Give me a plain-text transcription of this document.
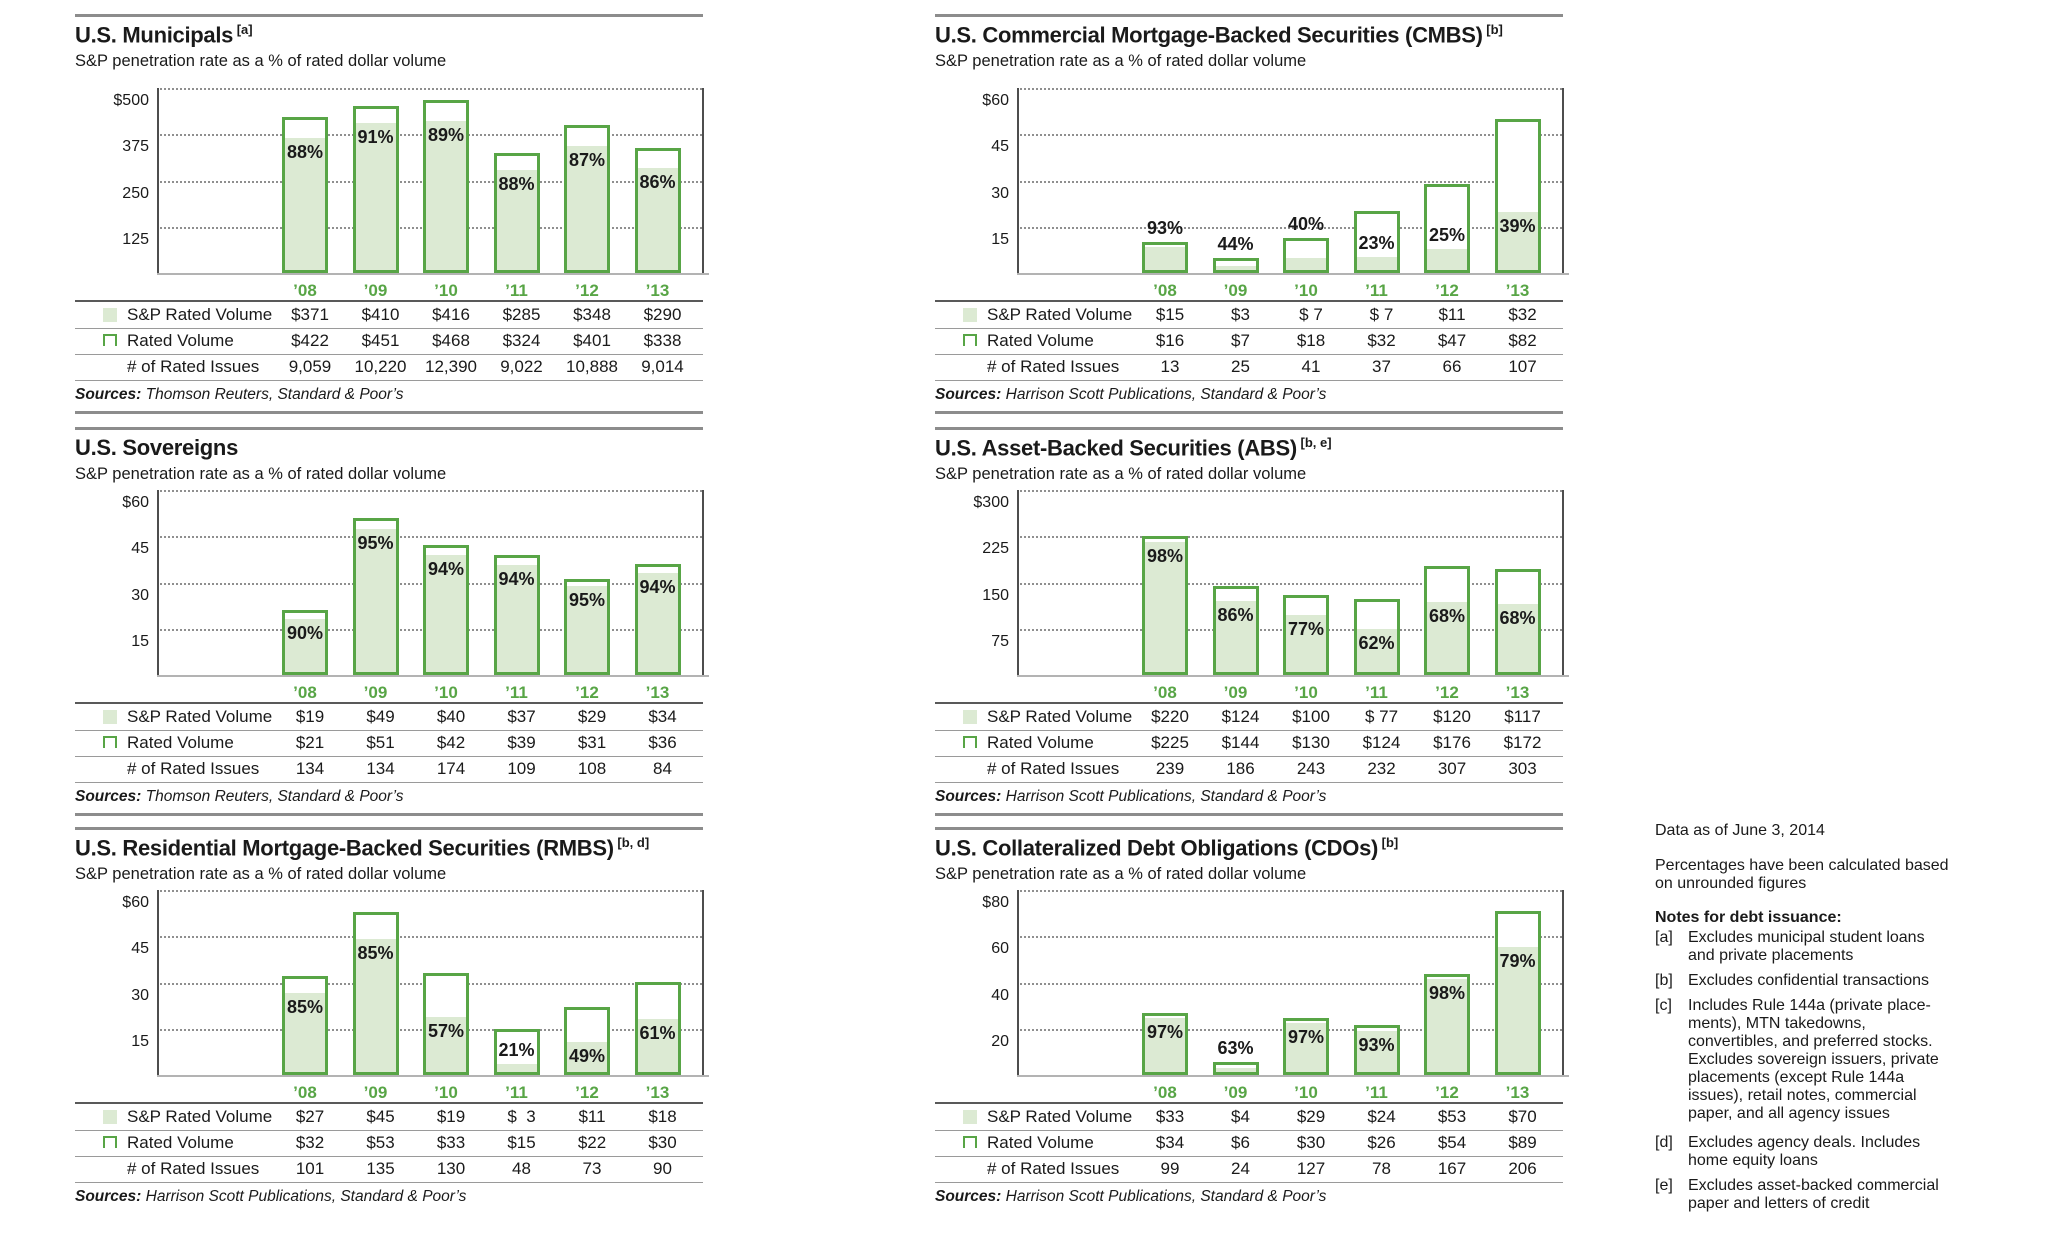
U.S. Municipals [a]
S&P penetration rate as a % of rated dollar volume
$500
375
250
125
88%
’08
91%
’09
89%
’10
88%
’11
87%
’12
86%
’13
S&P Rated Volume	$371	$410	$416	$285	$348	$290
Rated Volume	$422	$451	$468	$324	$401	$338
# of Rated Issues	9,059	10,220	12,390	9,022	10,888	9,014
Sources: Thomson Reuters, Standard & Poor’s
U.S. Commercial Mortgage-Backed Securities (CMBS) [b]
S&P penetration rate as a % of rated dollar volume
$60
45
30
15
93%
’08
44%
’09
40%
’10
23%
’11
25%
’12
39%
’13
S&P Rated Volume	$15	$3	$ 7	$ 7	$11	$32
Rated Volume	$16	$7	$18	$32	$47	$82
# of Rated Issues	13	25	41	37	66	107
Sources: Harrison Scott Publications, Standard & Poor’s
U.S. Sovereigns
S&P penetration rate as a % of rated dollar volume
$60
45
30
15	90%
’08
95%
’09
94%
’10
94%
’11
95%
’12
94%
’13
S&P Rated Volume	$19	$49	$40	$37	$29	$34
Rated Volume	$21	$51	$42	$39	$31	$36
# of Rated Issues	134	134	174	109	108	84
Sources: Thomson Reuters, Standard & Poor’s
U.S. Asset-Backed Securities (ABS) [b, e]
S&P penetration rate as a % of rated dollar volume
$300
225
150
75
98%
’08
86%
’09
77%
’10
62%
’11
68%
’12
68%
’13
S&P Rated Volume	$220	$124	$100	$ 77	$120	$117
Rated Volume	$225	$144	$130	$124	$176	$172
# of Rated Issues	239	186	243	232	307	303
Sources: Harrison Scott Publications, Standard & Poor’s
U.S. Residential Mortgage-Backed Securities (RMBS) [b, d]
S&P penetration rate as a % of rated dollar volume
$60
45
30
15
85%
’08
85%
’09
57%
’10
21%
’11
49%
’12
61%
’13
S&P Rated Volume	$27	$45	$19	$  3	$11	$18
Rated Volume	$32	$53	$33	$15	$22	$30
# of Rated Issues	101	135	130	48	73	90
Sources: Harrison Scott Publications, Standard & Poor’s
U.S. Collateralized Debt Obligations (CDOs) [b]
S&P penetration rate as a % of rated dollar volume
$80
60
40
20	97%
’08
63%
’09
97%
’10
93%
’11
98%
’12
79%
’13
S&P Rated Volume	$33	$4	$29	$24	$53	$70
Rated Volume	$34	$6	$30	$26	$54	$89
# of Rated Issues	99	24	127	78	167	206
Sources: Harrison Scott Publications, Standard & Poor’s

Data as of June 3, 2014

Percentages have been calculated based on unrounded figures

Notes for debt issuance:

[a] Excludes municipal student loans and private placements
[b] Excludes confidential transactions
[c] Includes Rule 144a (private placements), MTN takedowns, convertibles, and preferred stocks. Excludes sovereign issuers, private placements (except Rule 144a issues), retail notes, commercial paper, and all agency issues
[d] Excludes agency deals. Includes home equity loans
[e] Excludes asset-backed commercial paper and letters of credit
